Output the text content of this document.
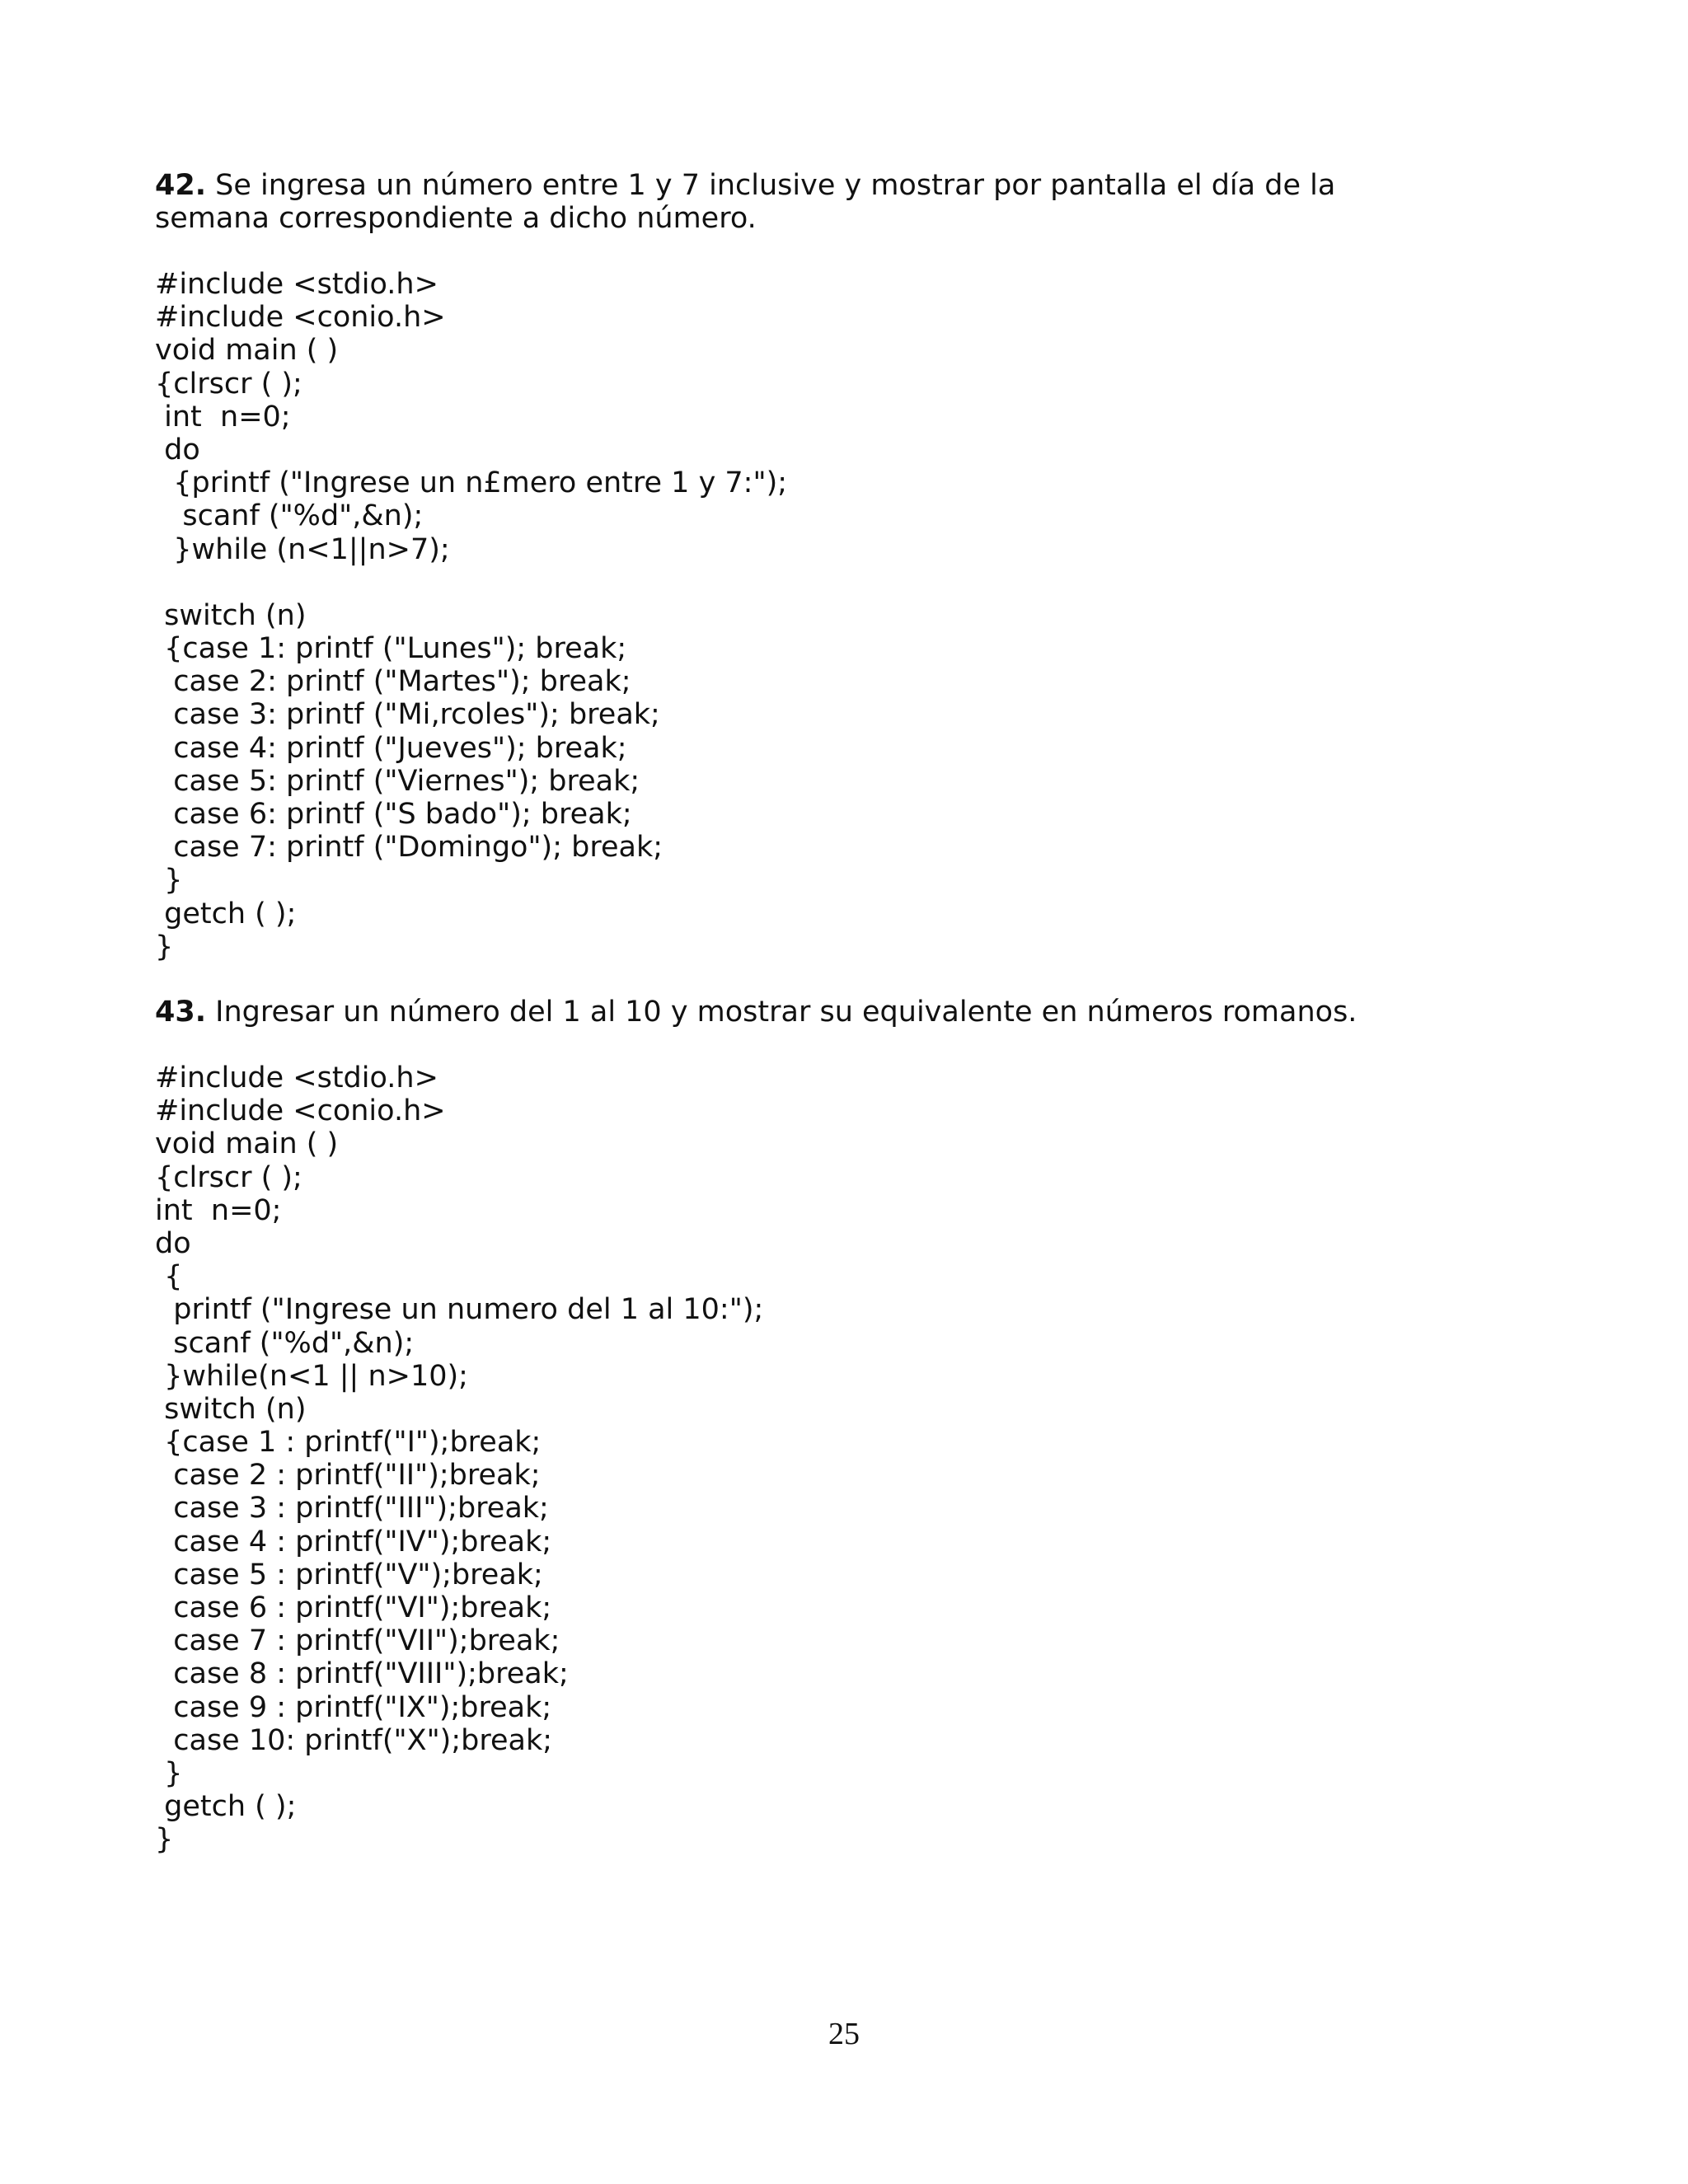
42. Se ingresa un número entre 1 y 7 inclusive y mostrar por pantalla el día de la semana correspondiente a dicho número.

#include <stdio.h>
#include <conio.h>
void main ( )
{clrscr ( );
int  n=0;
do
{printf ("Ingrese un n£mero entre 1 y 7:");
scanf ("%d",&n);
}while (n<1||n>7);
switch (n)
{case 1: printf ("Lunes"); break;
case 2: printf ("Martes"); break;
case 3: printf ("Mi‚rcoles"); break;
case 4: printf ("Jueves"); break;
case 5: printf ("Viernes"); break;
case 6: printf ("S bado"); break;
case 7: printf ("Domingo"); break;
}
getch ( );
}

43. Ingresar un número del 1 al 10 y mostrar su equivalente en números romanos.

#include <stdio.h>
#include <conio.h>
void main ( )
{clrscr ( );
int  n=0;
do
{
printf ("Ingrese un numero del 1 al 10:");
scanf ("%d",&n);
}while(n<1 || n>10);
switch (n)
{case 1 : printf("I");break;
case 2 : printf("II");break;
case 3 : printf("III");break;
case 4 : printf("IV");break;
case 5 : printf("V");break;
case 6 : printf("VI");break;
case 7 : printf("VII");break;
case 8 : printf("VIII");break;
case 9 : printf("IX");break;
case 10: printf("X");break;
}
getch ( );
}
25
